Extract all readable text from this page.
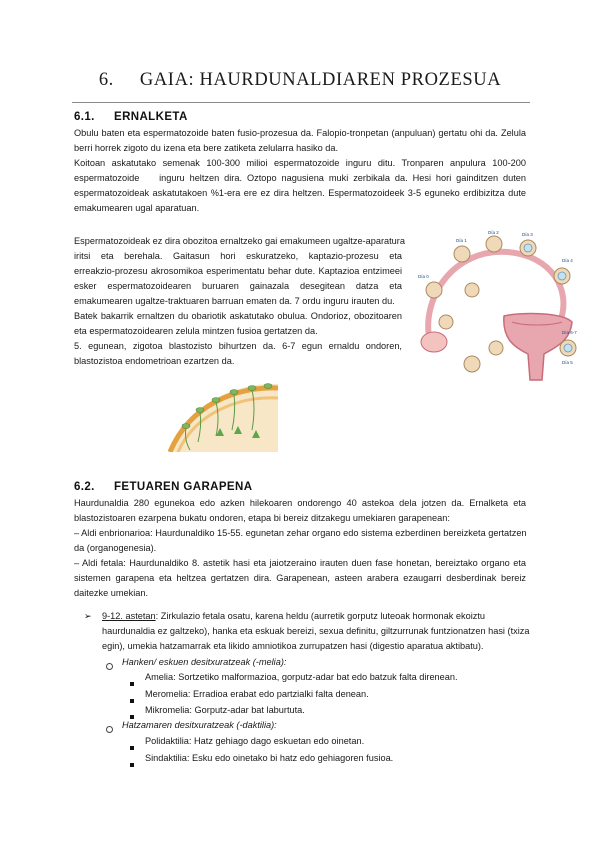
6. GAIA: HAURDUNALDIAREN PROZESUA
6.1. ERNALKETA
Obulu baten eta espermatozoide baten fusio-prozesua da. Falopio-tronpetan (anpuluan) gertatu ohi da. Zelula
berri horrek zigoto du izena eta bere zatiketa zelularra hasiko da.
Koitoan askatutako semenak 100-300 milioi espermatozoide inguru ditu. Tronparen anpulura 100-200
espermatozoide    inguru heltzen dira. Oztopo nagusiena muki zerbikala da. Hesi hori gainditzen duten
espermatozoideak askatutakoen %1-era ere ez dira heltzen. Espermatozoideek 3-5 eguneko erdibizitza dute
emakumearen ugal aparatuan.
Espermatozoideak ez dira obozitoa ernaltzeko gai emakumeen ugaltze-aparatura
iritsi   eta   berehala.   Gaitasun   hori   eskuratzeko,   kaptazio-prozesu   eta
erreakzio-prozesu akrosomikoa esperimentatu behar dute. Kaptazioa entzimeei
esker   espermatozoidearen   buruaren   gainazala   desegitean   datza   eta
emakumearen ugaltze-traktuaren barruan ematen da. 7 ordu inguru irauten du.
Batek bakarrik ernaltzen du obariotik askatutako obulua. Ondorioz, obozitoaren
eta espermatozoidearen zelula mintzen fusioa gertatzen da.
5. egunean, zigotoa blastozisto bihurtzen da. 6-7 egun ernaldu ondoren,
blastozistoa endometrioan ezartzen da.
Día 1
Día 2	Día 3
Día 4
Día 6-7
Día 0
Día 5
6.2. FETUAREN GARAPENA
Haurdunaldia 280 egunekoa edo azken hilekoaren ondorengo 40 astekoa dela jotzen da. Ernalketa eta
blastozistoaren ezarpena bukatu ondoren, etapa bi bereiz ditzakegu umekiaren garapenean:
– Aldi enbrionarioa: Haurdunaldiko 15-55. egunetan zehar organo edo sistema ezberdinen bereizketa gertatzen
da (organogenesia).
– Aldi fetala: Haurdunaldiko 8. astetik hasi eta jaiotzeraino irauten duen fase honetan, bereiztako organo eta
sistemen garapena eta heltzea gertatzen dira. Garapenean, asteen arabera ezaugarri desberdinak bereiz
daitezke umekian.
➢ 9-12. astetan: Zirkulazio fetala osatu, karena heldu (aurretik gorputz luteoak hormonak ekoiztu
haurdunaldia ez galtzeko), hanka eta eskuak bereizi, sexua definitu, giltzurrunak funtzionatzen hasi (txiza
egin), umekia hatzamarrak eta likido amniotikoa zurrupatzen hasi (digestio aparatua aktibatu).
Hanken/ eskuen desitxuratzeak (-melia):
Amelia: Sortzetiko malformazioa, gorputz-adar bat edo batzuk falta direnean.
Meromelia: Erradioa erabat edo partzialki falta denean.
Mikromelia: Gorputz-adar bat laburtuta.
Hatzamaren desitxuratzeak (-daktilia):
Polidaktilia: Hatz gehiago dago eskuetan edo oinetan.
Sindaktilia: Esku edo oinetako bi hatz edo gehiagoren fusioa.
